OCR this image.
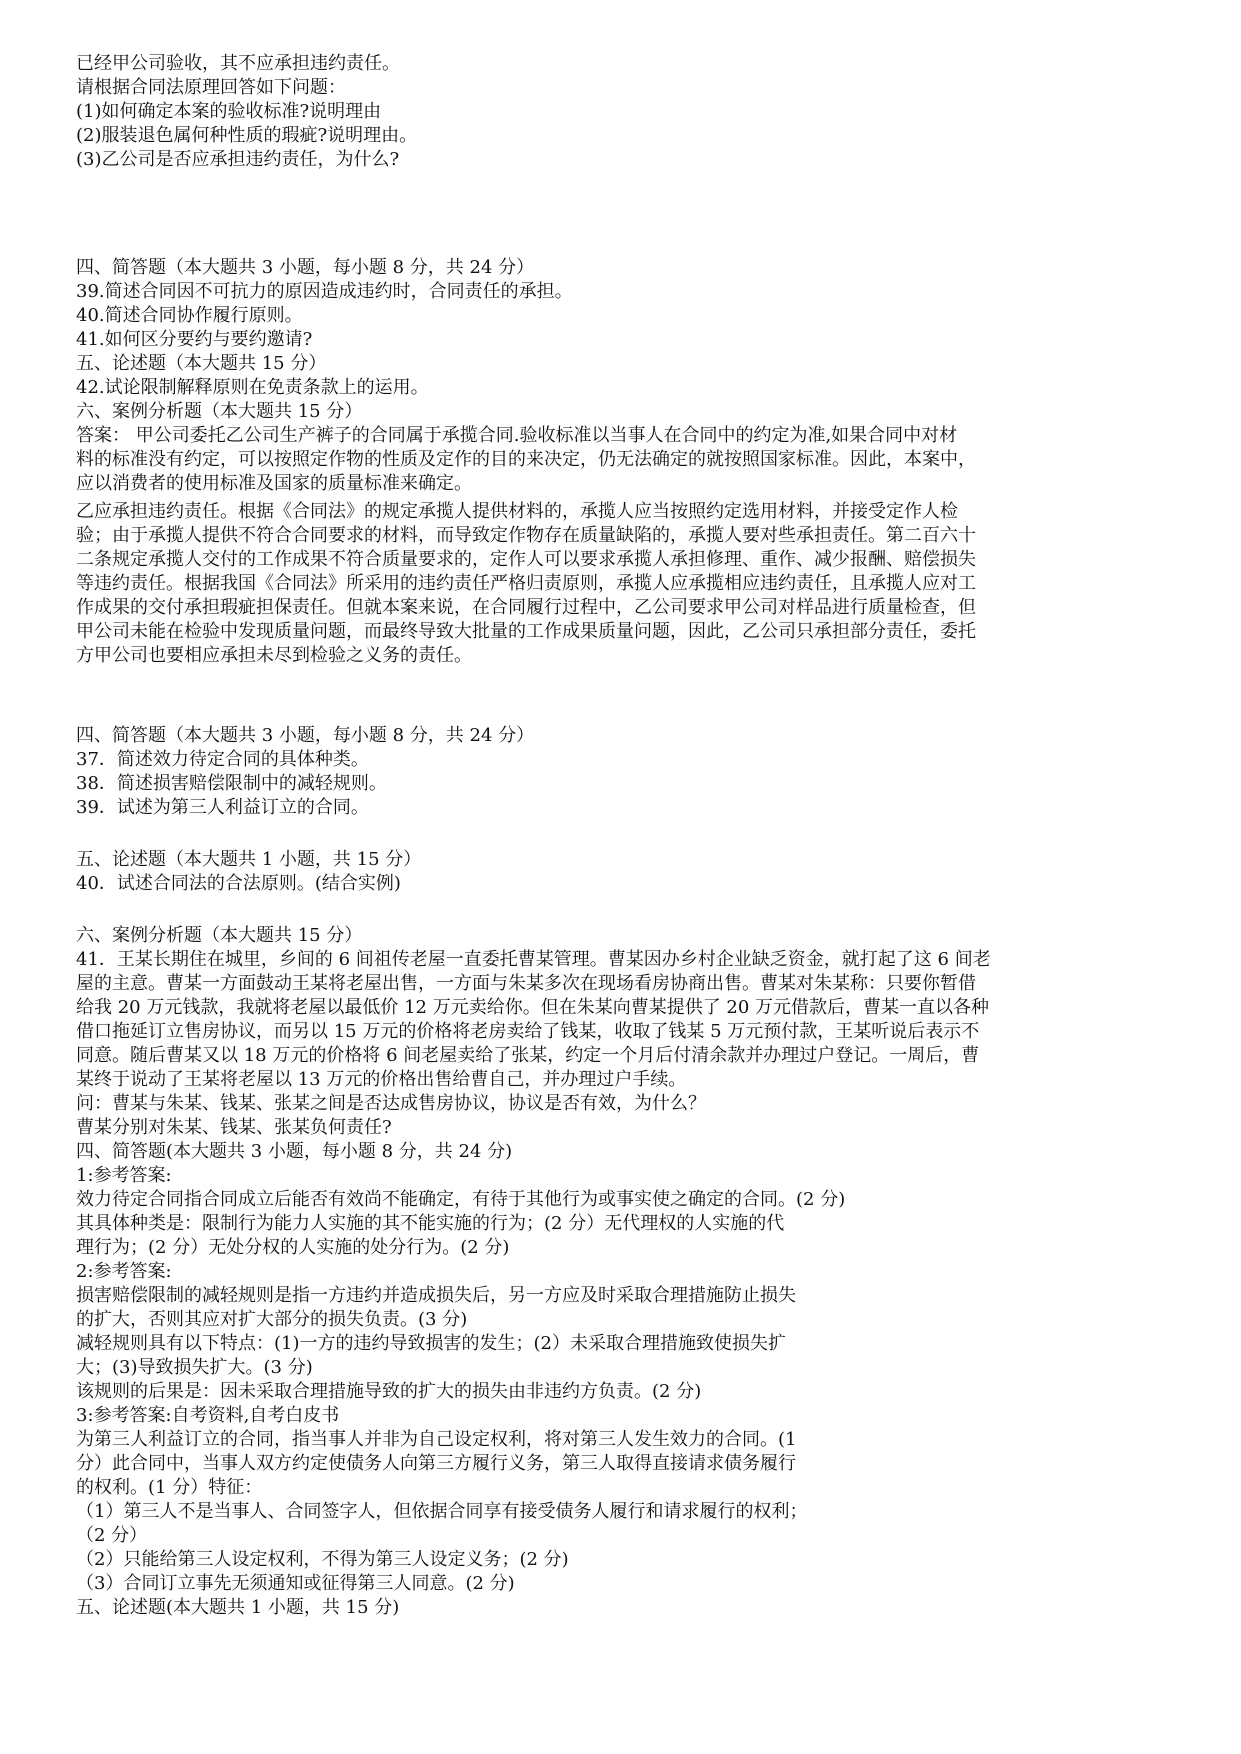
已经甲公司验收，其不应承担违约责任。
请根据合同法原理回答如下问题：
(1)如何确定本案的验收标准?说明理由
(2)服装退色属何种性质的瑕疵?说明理由。
(3)乙公司是否应承担违约责任，为什么?
四、简答题（本大题共 3 小题，每小题 8 分，共 24 分）
39.简述合同因不可抗力的原因造成违约时，合同责任的承担。
40.简述合同协作履行原则。
41.如何区分要约与要约邀请?
五、论述题（本大题共 15 分）
42.试论限制解释原则在免责条款上的运用。
六、案例分析题（本大题共 15 分）
答案： 甲公司委托乙公司生产裤子的合同属于承揽合同.验收标准以当事人在合同中的约定为准,如果合同中对材
料的标准没有约定，可以按照定作物的性质及定作的目的来决定，仍无法确定的就按照国家标准。因此，本案中，
应以消费者的使用标准及国家的质量标准来确定。
乙应承担违约责任。根据《合同法》的规定承揽人提供材料的，承揽人应当按照约定选用材料，并接受定作人检
验；由于承揽人提供不符合合同要求的材料，而导致定作物存在质量缺陷的，承揽人要对些承担责任。第二百六十
二条规定承揽人交付的工作成果不符合质量要求的，定作人可以要求承揽人承担修理、重作、减少报酬、赔偿损失
等违约责任。根据我国《合同法》所采用的违约责任严格归责原则，承揽人应承揽相应违约责任，且承揽人应对工
作成果的交付承担瑕疵担保责任。但就本案来说，在合同履行过程中，乙公司要求甲公司对样品进行质量检查，但
甲公司未能在检验中发现质量问题，而最终导致大批量的工作成果质量问题，因此，乙公司只承担部分责任，委托
方甲公司也要相应承担未尽到检验之义务的责任。
四、简答题（本大题共 3 小题，每小题 8 分，共 24 分）
37．简述效力待定合同的具体种类。
38．简述损害赔偿限制中的减轻规则。
39．试述为第三人利益订立的合同。
五、论述题（本大题共 1 小题，共 15 分）
40．试述合同法的合法原则。(结合实例)
六、案例分析题（本大题共 15 分）
41．王某长期住在城里，乡间的 6 间祖传老屋一直委托曹某管理。曹某因办乡村企业缺乏资金，就打起了这 6 间老
屋的主意。曹某一方面鼓动王某将老屋出售，一方面与朱某多次在现场看房协商出售。曹某对朱某称：只要你暂借
给我 20 万元钱款，我就将老屋以最低价 12 万元卖给你。但在朱某向曹某提供了 20 万元借款后，曹某一直以各种
借口拖延订立售房协议，而另以 15 万元的价格将老房卖给了钱某，收取了钱某 5 万元预付款，王某听说后表示不
同意。随后曹某又以 18 万元的价格将 6 间老屋卖给了张某，约定一个月后付清余款并办理过户登记。一周后，曹
某终于说动了王某将老屋以 13 万元的价格出售给曹自己，并办理过户手续。
问：曹某与朱某、钱某、张某之间是否达成售房协议，协议是否有效，为什么？
曹某分别对朱某、钱某、张某负何责任?
四、简答题(本大题共 3 小题，每小题 8 分，共 24 分)
1:参考答案:
效力待定合同指合同成立后能否有效尚不能确定，有待于其他行为或事实使之确定的合同。(2 分)
其具体种类是：限制行为能力人实施的其不能实施的行为；(2 分）无代理权的人实施的代
理行为；(2 分）无处分权的人实施的处分行为。(2 分)
2:参考答案:
损害赔偿限制的减轻规则是指一方违约并造成损失后，另一方应及时采取合理措施防止损失
的扩大，否则其应对扩大部分的损失负责。(3 分)
减轻规则具有以下特点：(1)一方的违约导致损害的发生；(2）未采取合理措施致使损失扩
大；(3)导致损失扩大。(3 分)
该规则的后果是：因未采取合理措施导致的扩大的损失由非违约方负责。(2 分)
3:参考答案:自考资料,自考白皮书
为第三人利益订立的合同，指当事人并非为自己设定权利，将对第三人发生效力的合同。(1
分）此合同中，当事人双方约定使债务人向第三方履行义务，第三人取得直接请求债务履行
的权利。(1 分）特征：
（1）第三人不是当事人、合同签字人，但依据合同享有接受债务人履行和请求履行的权利；
（2 分）
（2）只能给第三人设定权利，不得为第三人设定义务；(2 分)
（3）合同订立事先无须通知或征得第三人同意。(2 分)
五、论述题(本大题共 1 小题，共 15 分)
